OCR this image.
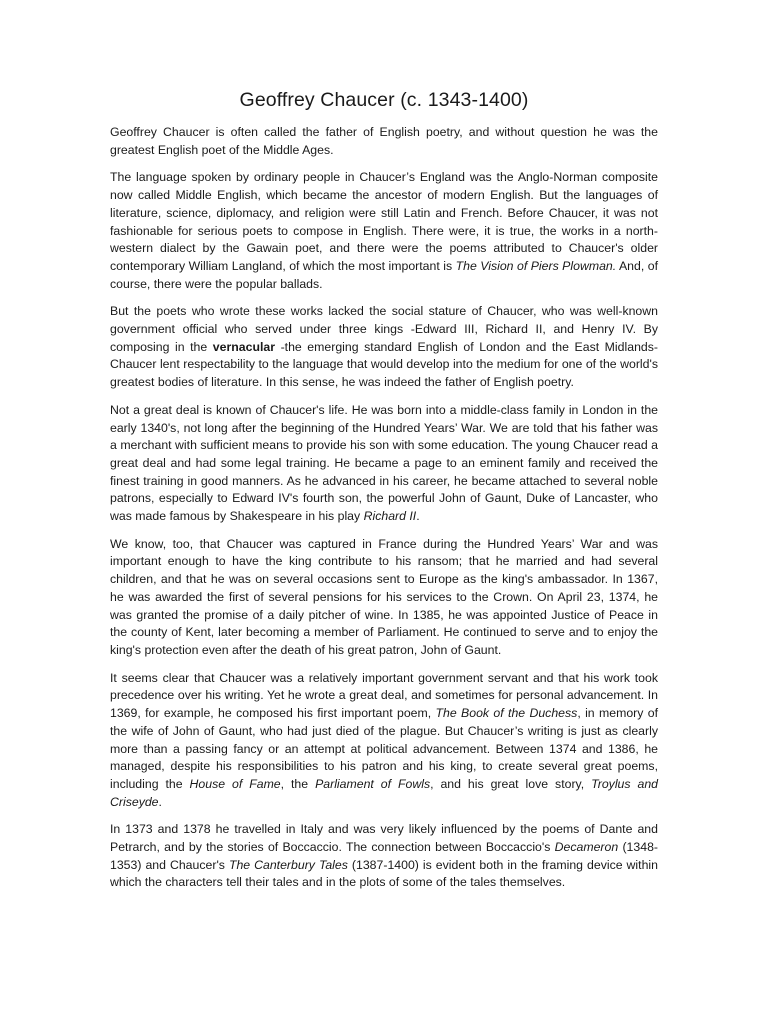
Geoffrey Chaucer (c. 1343-1400)

Geoffrey Chaucer is often called the father of English poetry, and without question he was the greatest English poet of the Middle Ages.

The language spoken by ordinary people in Chaucer’s England was the Anglo-Norman composite now called Middle English, which became the ancestor of modern English. But the languages of literature, science, diplomacy, and religion were still Latin and French. Before Chaucer, it was not fashionable for serious poets to compose in English. There were, it is true, the works in a north-western dialect by the Gawain poet, and there were the poems attributed to Chaucer's older contemporary William Langland, of which the most important is The Vision of Piers Plowman. And, of course, there were the popular ballads.

But the poets who wrote these works lacked the social stature of Chaucer, who was well-known government official who served under three kings -Edward III, Richard II, and Henry IV. By composing in the vernacular -the emerging standard English of London and the East Midlands- Chaucer lent respectability to the language that would develop into the medium for one of the world's greatest bodies of literature. In this sense, he was indeed the father of English poetry.

Not a great deal is known of Chaucer's life. He was born into a middle-class family in London in the early 1340's, not long after the beginning of the Hundred Years’ War. We are told that his father was a merchant with sufficient means to provide his son with some education. The young Chaucer read a great deal and had some legal training. He became a page to an eminent family and received the finest training in good manners. As he advanced in his career, he became attached to several noble patrons, especially to Edward IV's fourth son, the powerful John of Gaunt, Duke of Lancaster, who was made famous by Shakespeare in his play Richard II.

We know, too, that Chaucer was captured in France during the Hundred Years’ War and was important enough to have the king contribute to his ransom; that he married and had several children, and that he was on several occasions sent to Europe as the king's ambassador. In 1367, he was awarded the first of several pensions for his services to the Crown. On April 23, 1374, he was granted the promise of a daily pitcher of wine. In 1385, he was appointed Justice of Peace in the county of Kent, later becoming a member of Parliament. He continued to serve and to enjoy the king's protection even after the death of his great patron, John of Gaunt.

It seems clear that Chaucer was a relatively important government servant and that his work took precedence over his writing. Yet he wrote a great deal, and sometimes for personal advancement. In 1369, for example, he composed his first important poem, The Book of the Duchess, in memory of the wife of John of Gaunt, who had just died of the plague. But Chaucer’s writing is just as clearly more than a passing fancy or an attempt at political advancement. Between 1374 and 1386, he managed, despite his responsibilities to his patron and his king, to create several great poems, including the House of Fame, the Parliament of Fowls, and his great love story, Troylus and Criseyde.

In 1373 and 1378 he travelled in Italy and was very likely influenced by the poems of Dante and Petrarch, and by the stories of Boccaccio. The connection between Boccaccio's Decameron (1348-1353) and Chaucer's The Canterbury Tales (1387-1400) is evident both in the framing device within which the characters tell their tales and in the plots of some of the tales themselves.
